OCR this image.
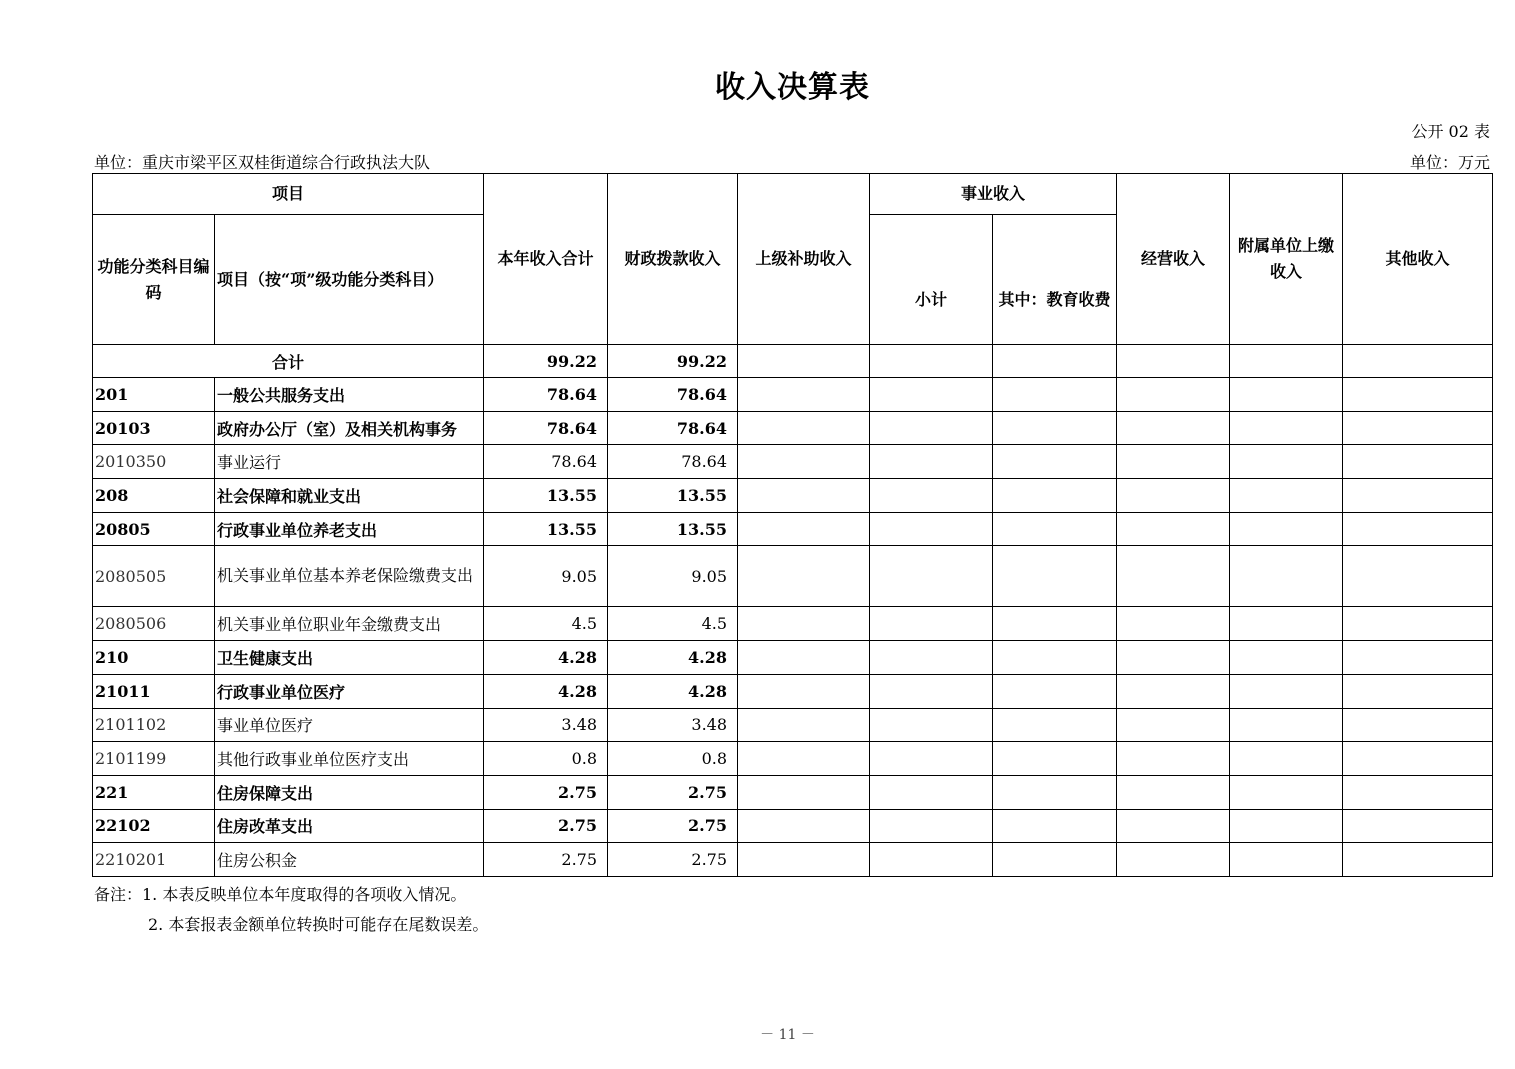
收入决算表
公开 02 表
单位：重庆市梁平区双桂街道综合行政执法大队	单位：万元
项目		本年收入合计	财政拨款收入	上级补助收入	事业收入		经营收入	附属单位上缴收入	其他收入
功能分类科目编码	项目（按“项”级功能分类科目）				小计	其中：教育收费			
合计		99.22	99.22						
201	一般公共服务支出	78.64	78.64						
20103	政府办公厅（室）及相关机构事务	78.64	78.64						
2010350	事业运行	78.64	78.64						
208	社会保障和就业支出	13.55	13.55						
20805	行政事业单位养老支出	13.55	13.55						
2080505	机关事业单位基本养老保险缴费支出	9.05	9.05						
2080506	机关事业单位职业年金缴费支出	4.5	4.5						
210	卫生健康支出	4.28	4.28						
21011	行政事业单位医疗	4.28	4.28						
2101102	事业单位医疗	3.48	3.48						
2101199	其他行政事业单位医疗支出	0.8	0.8						
221	住房保障支出	2.75	2.75						
22102	住房改革支出	2.75	2.75						
2210201	住房公积金	2.75	2.75						
备注：1. 本表反映单位本年度取得的各项收入情况。
2. 本套报表金额单位转换时可能存在尾数误差。
－ 11 －
